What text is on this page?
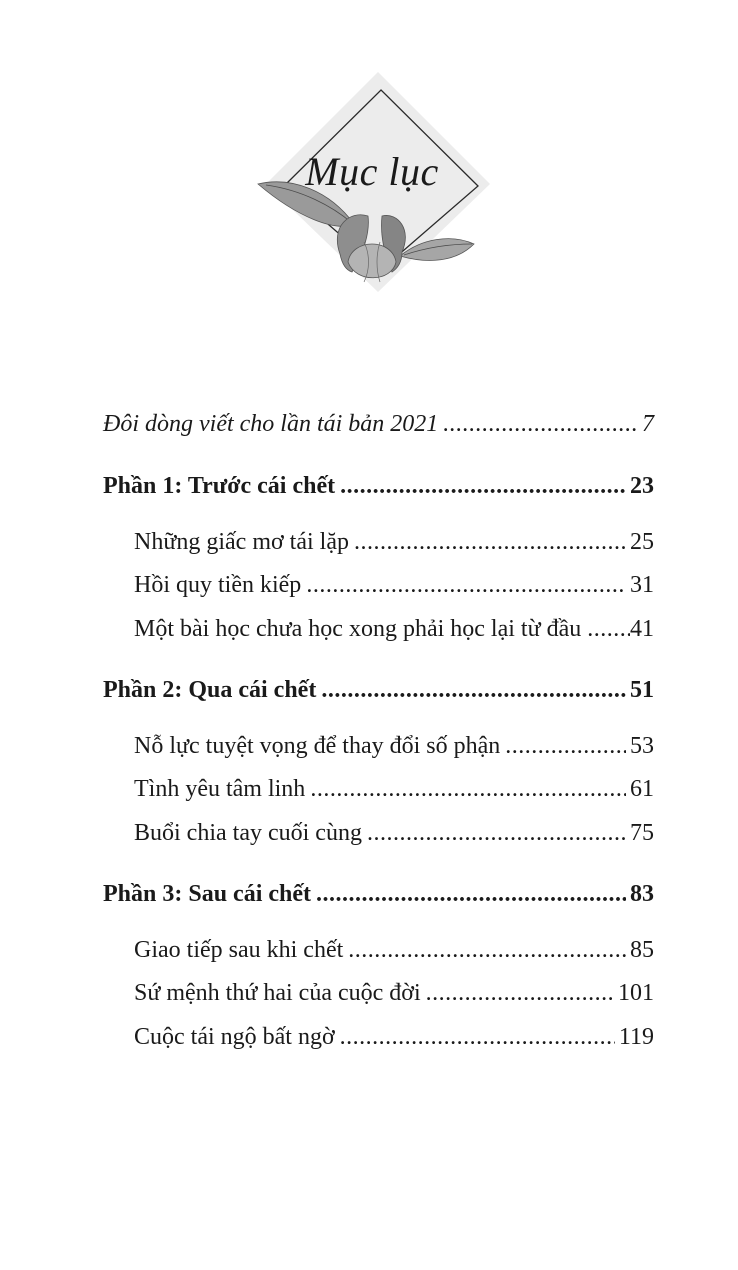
Mục lục
Đôi dòng viết cho lần tái bản 2021 .....	7
Phần 1: Trước cái chết .....	23
Những giấc mơ tái lặp .....	25
Hồi quy tiền kiếp .....	31
Một bài học chưa học xong phải học lại từ đầu ..... 41
Phần 2: Qua cái chết .....	51
Nỗ lực tuyệt vọng để thay đổi số phận .....	53
Tình yêu tâm linh .....	61
Buổi chia tay cuối cùng .....	75
Phần 3: Sau cái chết .....	83
Giao tiếp sau khi chết .....	85
Sứ mệnh thứ hai của cuộc đời .....	101
Cuộc tái ngộ bất ngờ .....	119
